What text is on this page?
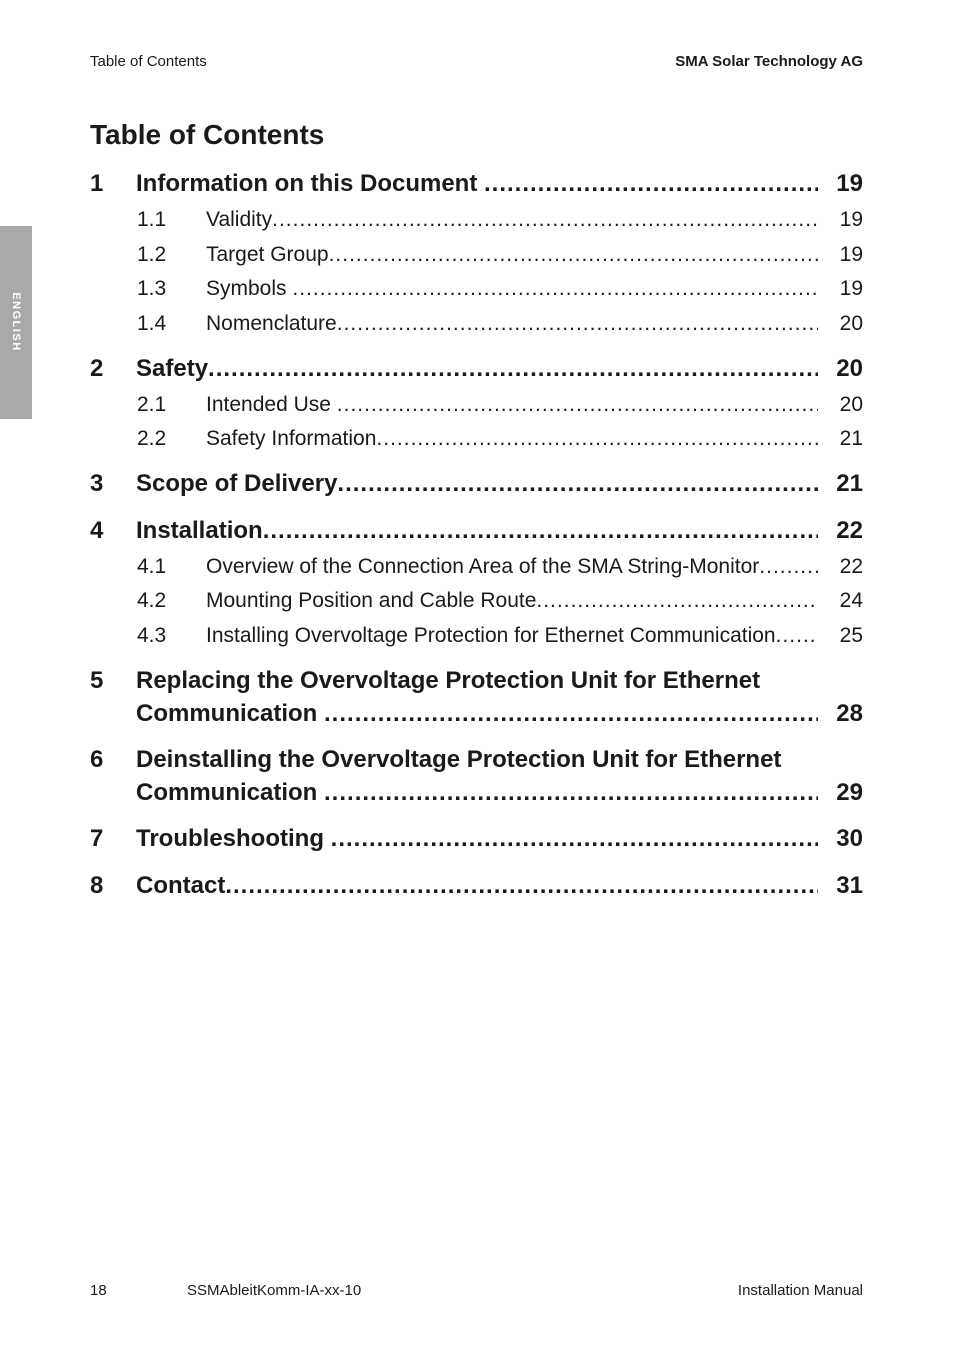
Table of Contents	SMA Solar Technology AG
ENGLISH
Table of Contents
1 Information on this Document .....	19
1.1 Validity .....	19
1.2 Target Group .....	19
1.3 Symbols .....	19
1.4 Nomenclature .....	20
2 Safety .....	20
2.1 Intended Use .....	20
2.2 Safety Information .....	21
3 Scope of Delivery .....	21
4 Installation .....	22
4.1 Overview of the Connection Area of the SMA String-Monitor .....	22
4.2 Mounting Position and Cable Route .....	24
4.3 Installing Overvoltage Protection for Ethernet Communication .....	25
5 Replacing the Overvoltage Protection Unit for Ethernet
Communication .....	28
6 Deinstalling the Overvoltage Protection Unit for Ethernet
Communication .....	29
7 Troubleshooting .....	30
8 Contact .....	31
18	SSMAbleitKomm-IA-xx-10	Installation Manual
